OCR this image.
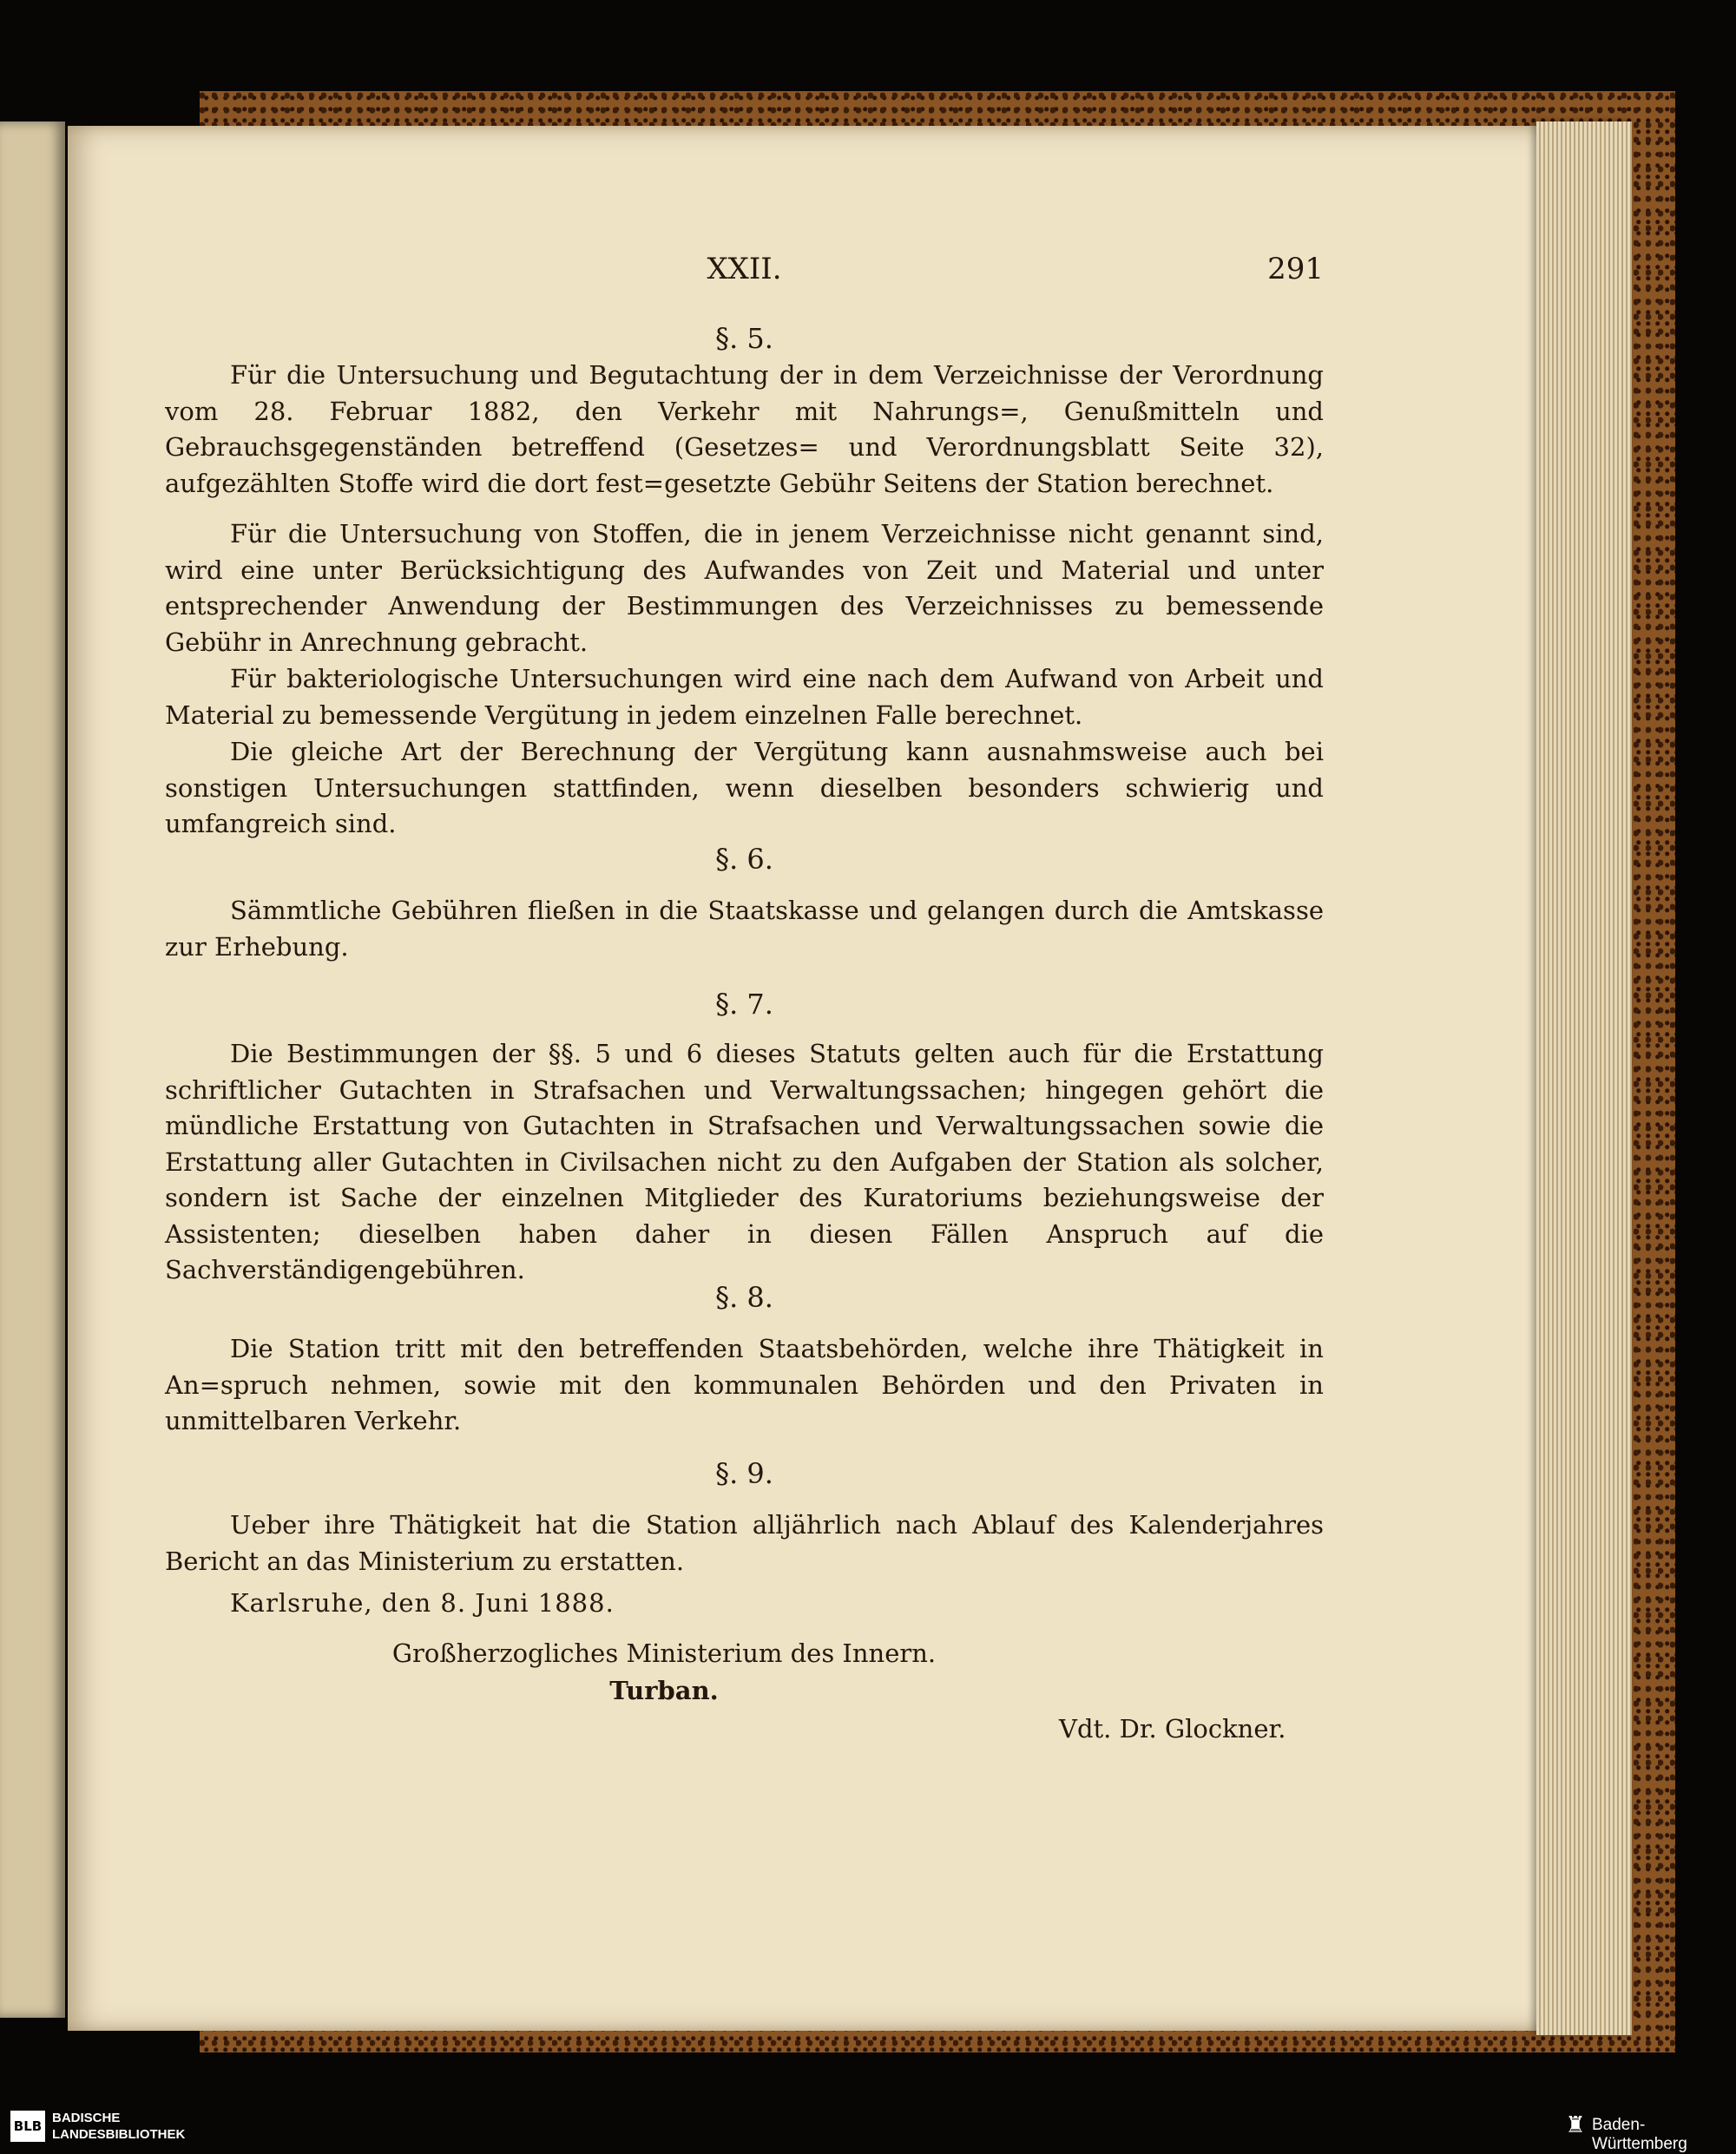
XXII.	291
§. 5.

Für die Untersuchung und Begutachtung der in dem Verzeichnisse der Verordnung vom 28. Februar 1882, den Verkehr mit Nahrungs=, Genußmitteln und Gebrauchsgegenständen betreffend (Gesetzes= und Verordnungsblatt Seite 32), aufgezählten Stoffe wird die dort fest=gesetzte Gebühr Seitens der Station berechnet.

Für die Untersuchung von Stoffen, die in jenem Verzeichnisse nicht genannt sind, wird eine unter Berücksichtigung des Aufwandes von Zeit und Material und unter entsprechender Anwendung der Bestimmungen des Verzeichnisses zu bemessende Gebühr in Anrechnung gebracht.

Für bakteriologische Untersuchungen wird eine nach dem Aufwand von Arbeit und Material zu bemessende Vergütung in jedem einzelnen Falle berechnet.

Die gleiche Art der Berechnung der Vergütung kann ausnahmsweise auch bei sonstigen Untersuchungen stattfinden, wenn dieselben besonders schwierig und umfangreich sind.

§. 6.

Sämmtliche Gebühren fließen in die Staatskasse und gelangen durch die Amtskasse zur Erhebung.

§. 7.

Die Bestimmungen der §§. 5 und 6 dieses Statuts gelten auch für die Erstattung schriftlicher Gutachten in Strafsachen und Verwaltungssachen; hingegen gehört die mündliche Erstattung von Gutachten in Strafsachen und Verwaltungssachen sowie die Erstattung aller Gutachten in Civilsachen nicht zu den Aufgaben der Station als solcher, sondern ist Sache der einzelnen Mitglieder des Kuratoriums beziehungsweise der Assistenten; dieselben haben daher in diesen Fällen Anspruch auf die Sachverständigengebühren.

§. 8.

Die Station tritt mit den betreffenden Staatsbehörden, welche ihre Thätigkeit in An=spruch nehmen, sowie mit den kommunalen Behörden und den Privaten in unmittelbaren Verkehr.

§. 9.

Ueber ihre Thätigkeit hat die Station alljährlich nach Ablauf des Kalenderjahres Bericht an das Ministerium zu erstatten.

Karlsruhe, den 8. Juni 1888.
Großherzogliches Ministerium des Innern.
Turban.
Vdt. Dr. Glockner.
BLB
BADISCHE
LANDESBIBLIOTHEK	♜ Baden-Württemberg
